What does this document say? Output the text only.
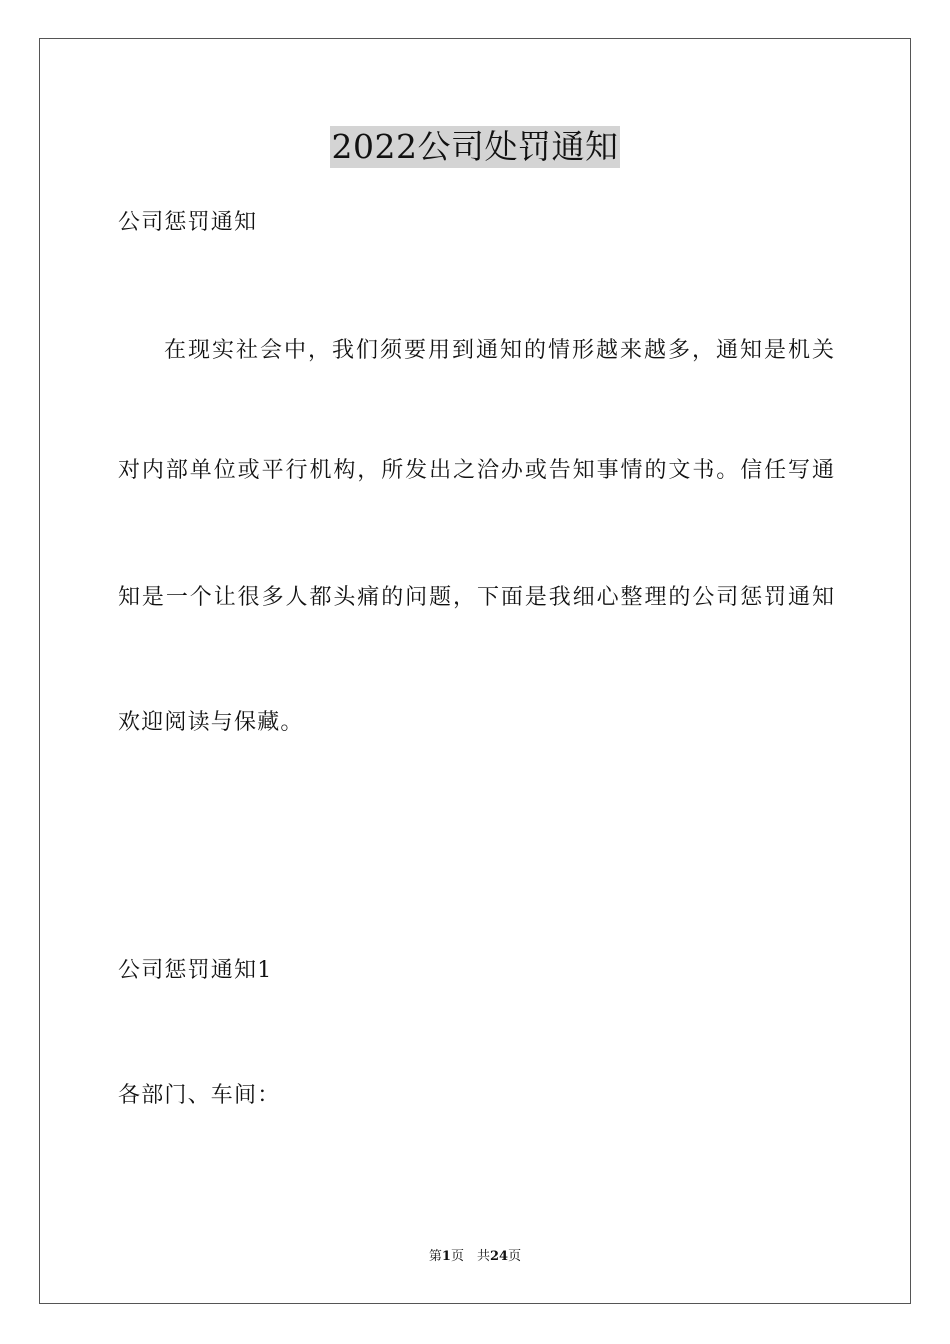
2022公司处罚通知
公司惩罚通知
在现实社会中，我们须要用到通知的情形越来越多，通知是机关
对内部单位或平行机构，所发出之洽办或告知事情的文书。信任写通
知是一个让很多人都头痛的问题，下面是我细心整理的公司惩罚通知
欢迎阅读与保藏。
公司惩罚通知1
各部门、车间：
第1页　共24页
